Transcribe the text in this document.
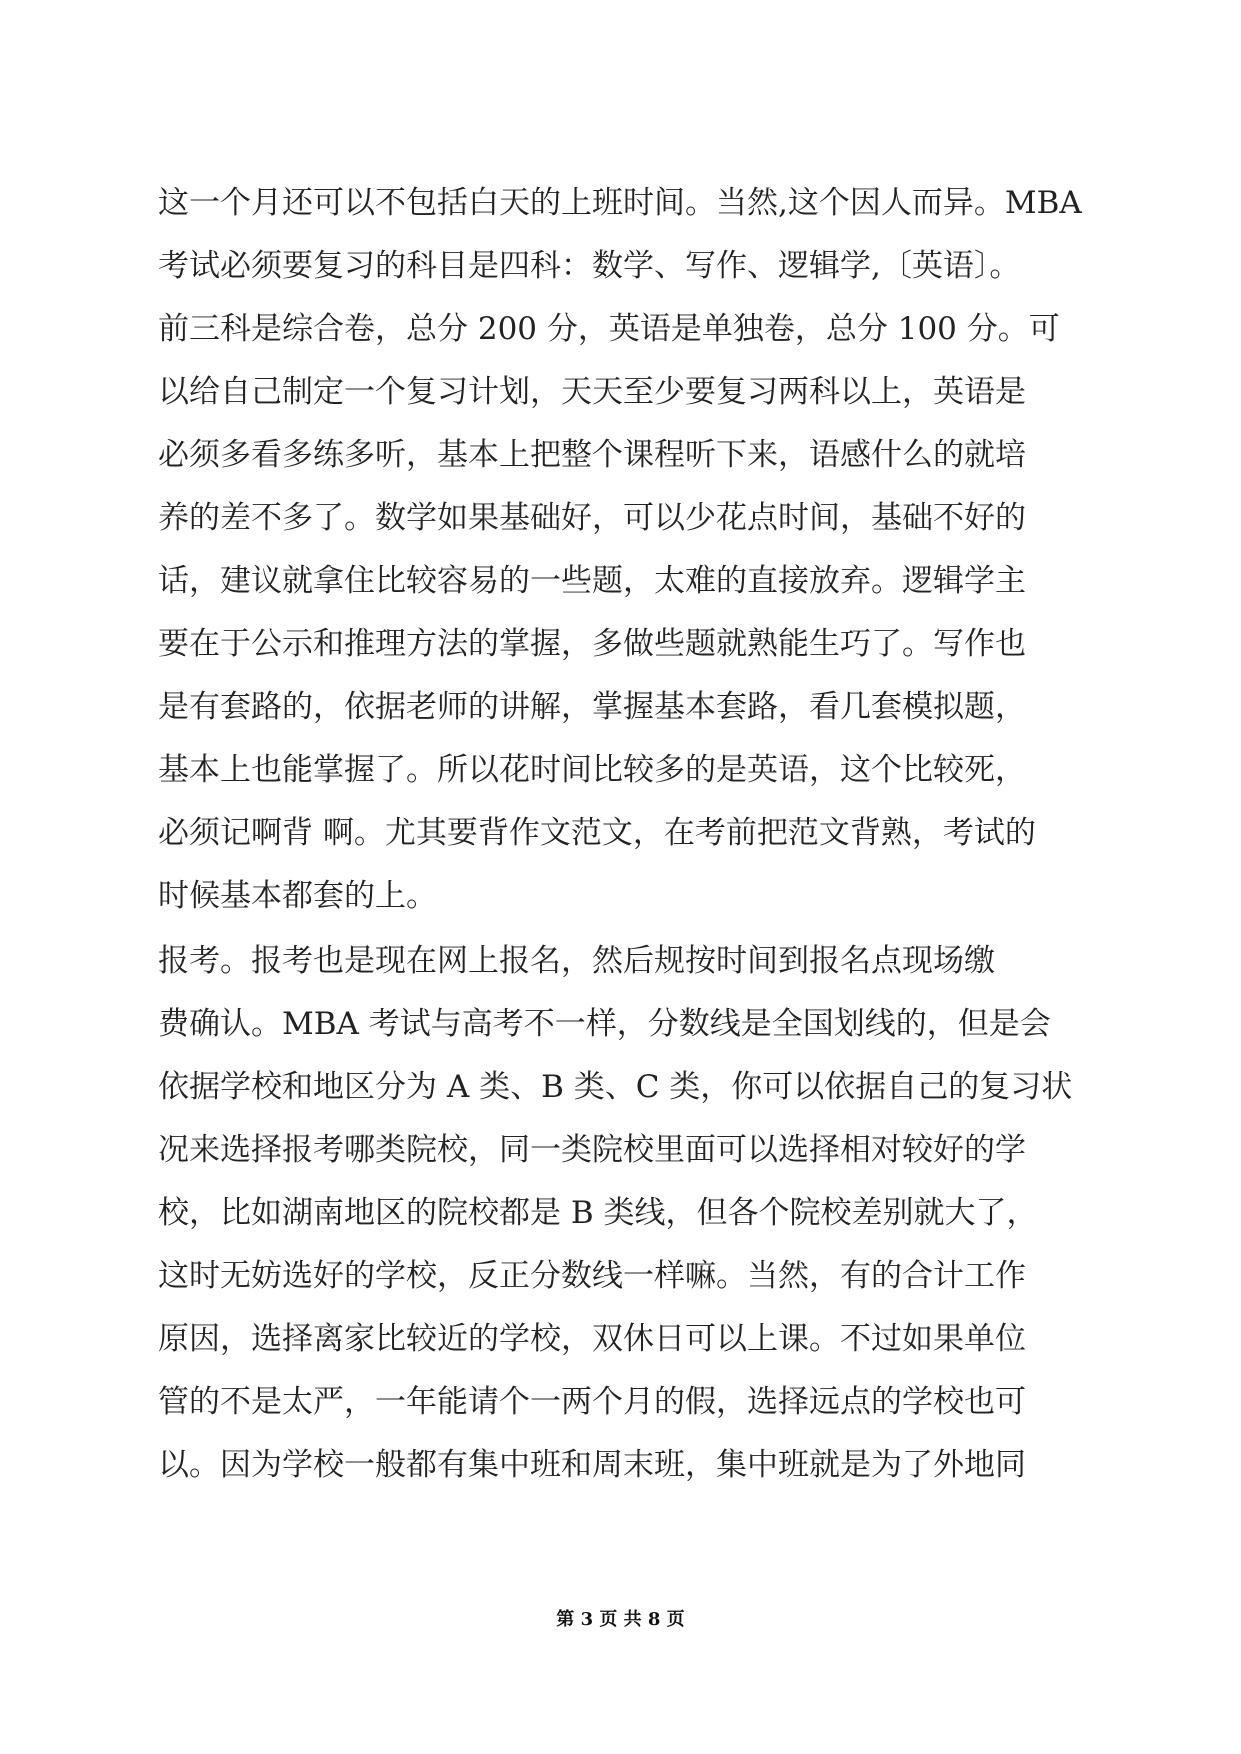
这一个月还可以不包括白天的上班时间。当然,这个因人而异。MBA
考试必须要复习的科目是四科：数学、写作、逻辑学,〔英语〕。
前三科是综合卷，总分 200 分，英语是单独卷，总分 100 分。可
以给自己制定一个复习计划，天天至少要复习两科以上，英语是
必须多看多练多听，基本上把整个课程听下来，语感什么的就培
养的差不多了。数学如果基础好，可以少花点时间，基础不好的
话，建议就拿住比较容易的一些题，太难的直接放弃。逻辑学主
要在于公示和推理方法的掌握，多做些题就熟能生巧了。写作也
是有套路的，依据老师的讲解，掌握基本套路，看几套模拟题，
基本上也能掌握了。所以花时间比较多的是英语，这个比较死，
必须记啊背 啊。尤其要背作文范文，在考前把范文背熟，考试的
时候基本都套的上。
报考。报考也是现在网上报名，然后规按时间到报名点现场缴
费确认。MBA 考试与高考不一样，分数线是全国划线的，但是会
依据学校和地区分为 A 类、B 类、C 类，你可以依据自己的复习状
况来选择报考哪类院校，同一类院校里面可以选择相对较好的学
校，比如湖南地区的院校都是 B 类线，但各个院校差别就大了，
这时无妨选好的学校，反正分数线一样嘛。当然，有的合计工作
原因，选择离家比较近的学校，双休日可以上课。不过如果单位
管的不是太严，一年能请个一两个月的假，选择远点的学校也可
以。因为学校一般都有集中班和周末班，集中班就是为了外地同
第 3 页 共 8 页
